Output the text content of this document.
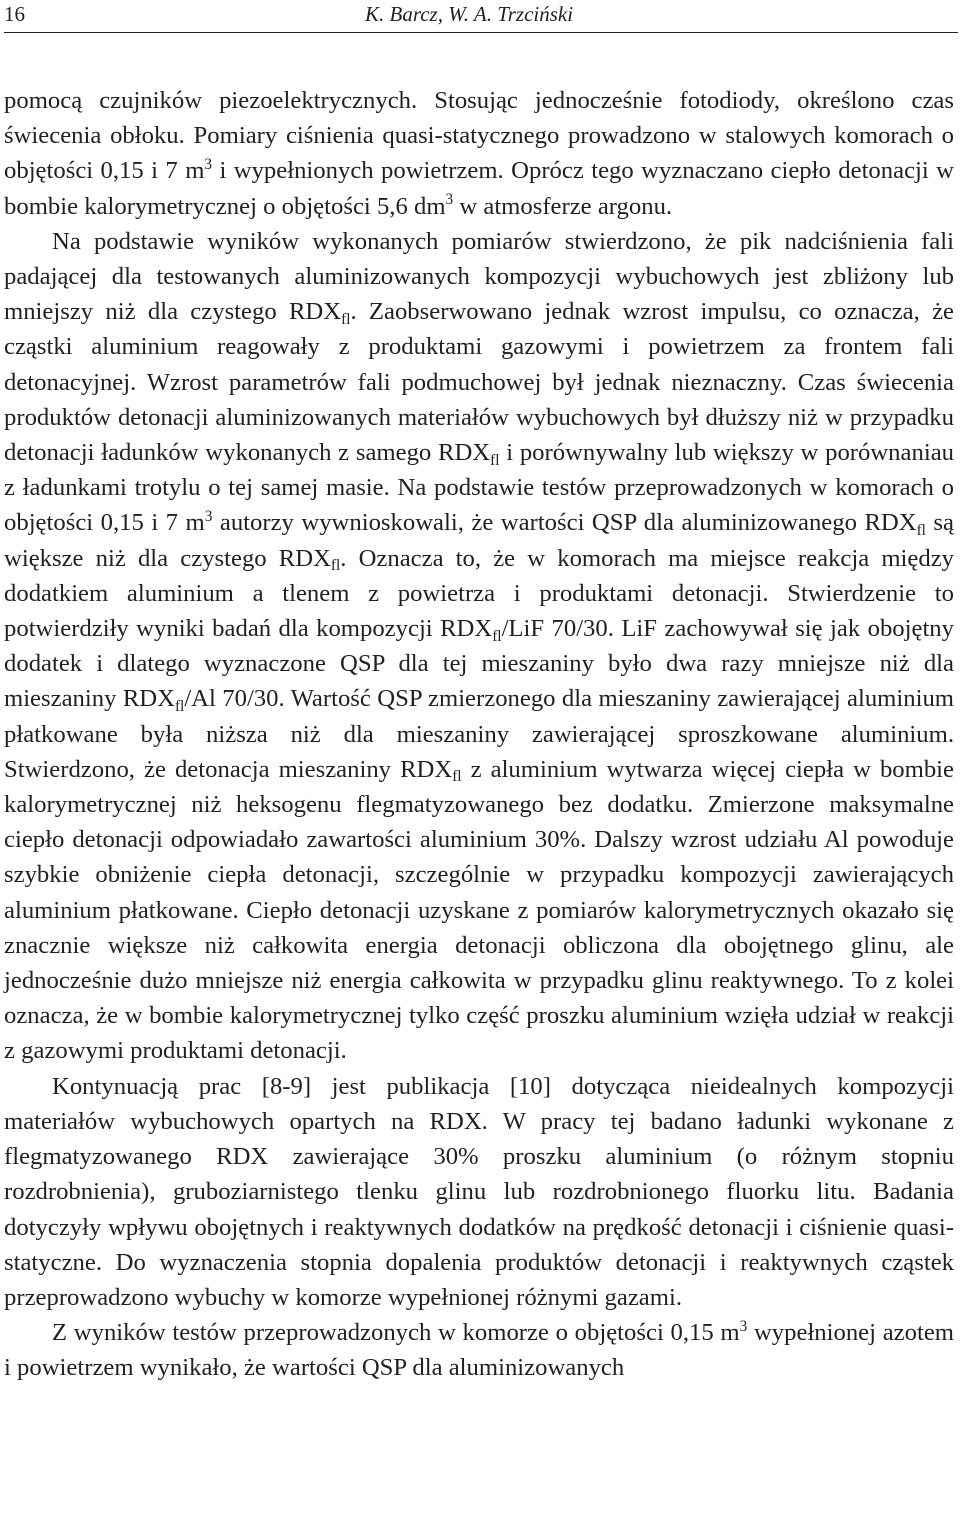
16	K. Barcz, W. A. Trzciński

pomocą czujników piezoelektrycznych. Stosując jednocześnie fotodiody, określono czas świecenia obłoku. Pomiary ciśnienia quasi-statycznego prowadzono w stalowych komorach o objętości 0,15 i 7 $m^3$ i wypełnionych powietrzem. Oprócz tego wyznaczano ciepło detonacji w bombie kalorymetrycznej o objętości 5,6 $dm^3$ w atmosferze argonu.

Na podstawie wyników wykonanych pomiarów stwierdzono, że pik nadciśnienia fali padającej dla testowanych aluminizowanych kompozycji wybuchowych jest zbliżony lub mniejszy niż dla czystego $RDX_{fl}$. Zaobserwowano jednak wzrost impulsu, co oznacza, że cząstki aluminium reagowały z produktami gazowymi i powietrzem za frontem fali detonacyjnej. Wzrost parametrów fali podmuchowej był jednak nieznaczny. Czas świecenia produktów detonacji aluminizowanych materiałów wybuchowych był dłuższy niż w przypadku detonacji ładunków wykonanych z samego $RDX_{fl}$ i porównywalny lub większy w porównaniau z ładunkami trotylu o tej samej masie. Na podstawie testów przeprowadzonych w komorach o objętości 0,15 i 7 $m^3$ autorzy wywnioskowali, że wartości QSP dla aluminizowanego $RDX_{fl}$ są większe niż dla czystego $RDX_{fl}$. Oznacza to, że w komorach ma miejsce reakcja między dodatkiem aluminium a tlenem z powietrza i produktami detonacji. Stwierdzenie to potwierdziły wyniki badań dla kompozycji $RDX_{fl}$/LiF 70/30. LiF zachowywał się jak obojętny dodatek i dlatego wyznaczone QSP dla tej mieszaniny było dwa razy mniejsze niż dla mieszaniny $RDX_{fl}/Al$ 70/30. Wartość QSP zmierzonego dla mieszaniny zawierającej aluminium płatkowane była niższa niż dla mieszaniny zawierającej sproszkowane aluminium. Stwierdzono, że detonacja mieszaniny $RDX_{fl}$ z aluminium wytwarza więcej ciepła w bombie kalorymetrycznej niż heksogenu flegmatyzowanego bez dodatku. Zmierzone maksymalne ciepło detonacji odpowiadało zawartości aluminium 30%. Dalszy wzrost udziału Al powoduje szybkie obniżenie ciepła detonacji, szczególnie w przypadku kompozycji zawierających aluminium płatkowane. Ciepło detonacji uzyskane z pomiarów kalorymetrycznych okazało się znacznie większe niż całkowita energia detonacji obliczona dla obojętnego glinu, ale jednocześnie dużo mniejsze niż energia całkowita w przypadku glinu reaktywnego. To z kolei oznacza, że w bombie kalorymetrycznej tylko część proszku aluminium wzięła udział w reakcji z gazowymi produktami detonacji.

Kontynuacją prac [8-9] jest publikacja [10] dotycząca nieidealnych kompozycji materiałów wybuchowych opartych na RDX. W pracy tej badano ładunki wykonane z flegmatyzowanego RDX zawierające 30% proszku aluminium (o różnym stopniu rozdrobnienia), gruboziarnistego tlenku glinu lub rozdrobnionego fluorku litu. Badania dotyczyły wpływu obojętnych i reaktywnych dodatków na prędkość detonacji i ciśnienie quasi-statyczne. Do wyznaczenia stopnia dopalenia produktów detonacji i reaktywnych cząstek przeprowadzono wybuchy w komorze wypełnionej różnymi gazami.

Z wyników testów przeprowadzonych w komorze o objętości 0,15 $m^3$ wypełnionej azotem i powietrzem wynikało, że wartości QSP dla aluminizowanych
